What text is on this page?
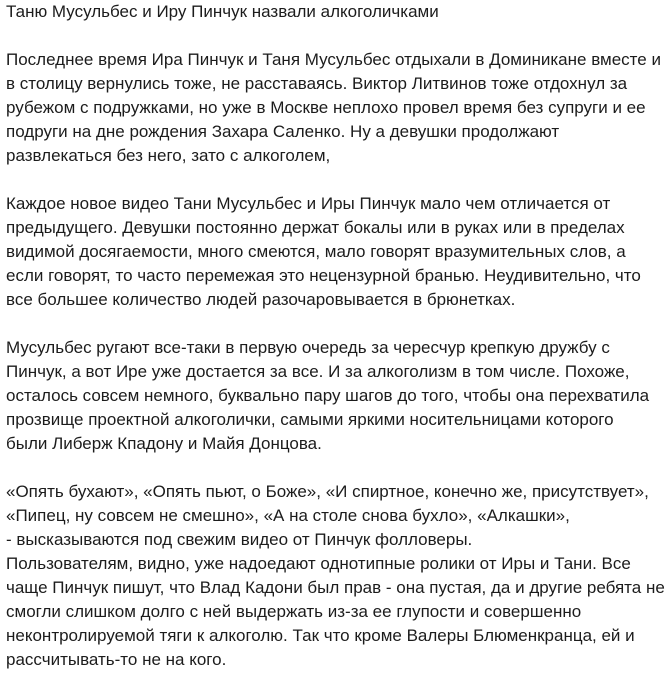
Таню Мусульбес и Иру Пинчук назвали алкоголичками

Последнее время Ира Пинчук и Таня Мусульбес отдыхали в Доминикане вместе и
в столицу вернулись тоже, не расставаясь. Виктор Литвинов тоже отдохнул за
рубежом с подружками, но уже в Москве неплохо провел время без супруги и ее
подруги на дне рождения Захара Саленко. Ну а девушки продолжают
развлекаться без него, зато с алкоголем,

Каждое новое видео Тани Мусульбес и Иры Пинчук мало чем отличается от
предыдущего. Девушки постоянно держат бокалы или в руках или в пределах
видимой досягаемости, много смеются, мало говорят вразумительных слов, а
если говорят, то часто перемежая это нецензурной бранью. Неудивительно, что
все большее количество людей разочаровывается в брюнетках.

Мусульбес ругают все-таки в первую очередь за чересчур крепкую дружбу с
Пинчук, а вот Ире уже достается за все. И за алкоголизм в том числе. Похоже,
осталось совсем немного, буквально пару шагов до того, чтобы она перехватила
прозвище проектной алкоголички, самыми яркими носительницами которого
были Либерж Кпадону и Майя Донцова.

«Опять бухают», «Опять пьют, о Боже», «И спиртное, конечно же, присутствует»,
«Пипец, ну совсем не смешно», «А на столе снова бухло», «Алкашки»,
- высказываются под свежим видео от Пинчук фолловеры.
Пользователям, видно, уже надоедают однотипные ролики от Иры и Тани. Все
чаще Пинчук пишут, что Влад Кадони был прав - она пустая, да и другие ребята не
смогли слишком долго с ней выдержать из-за ее глупости и совершенно
неконтролируемой тяги к алкоголю. Так что кроме Валеры Блюменкранца, ей и
рассчитывать-то не на кого.
